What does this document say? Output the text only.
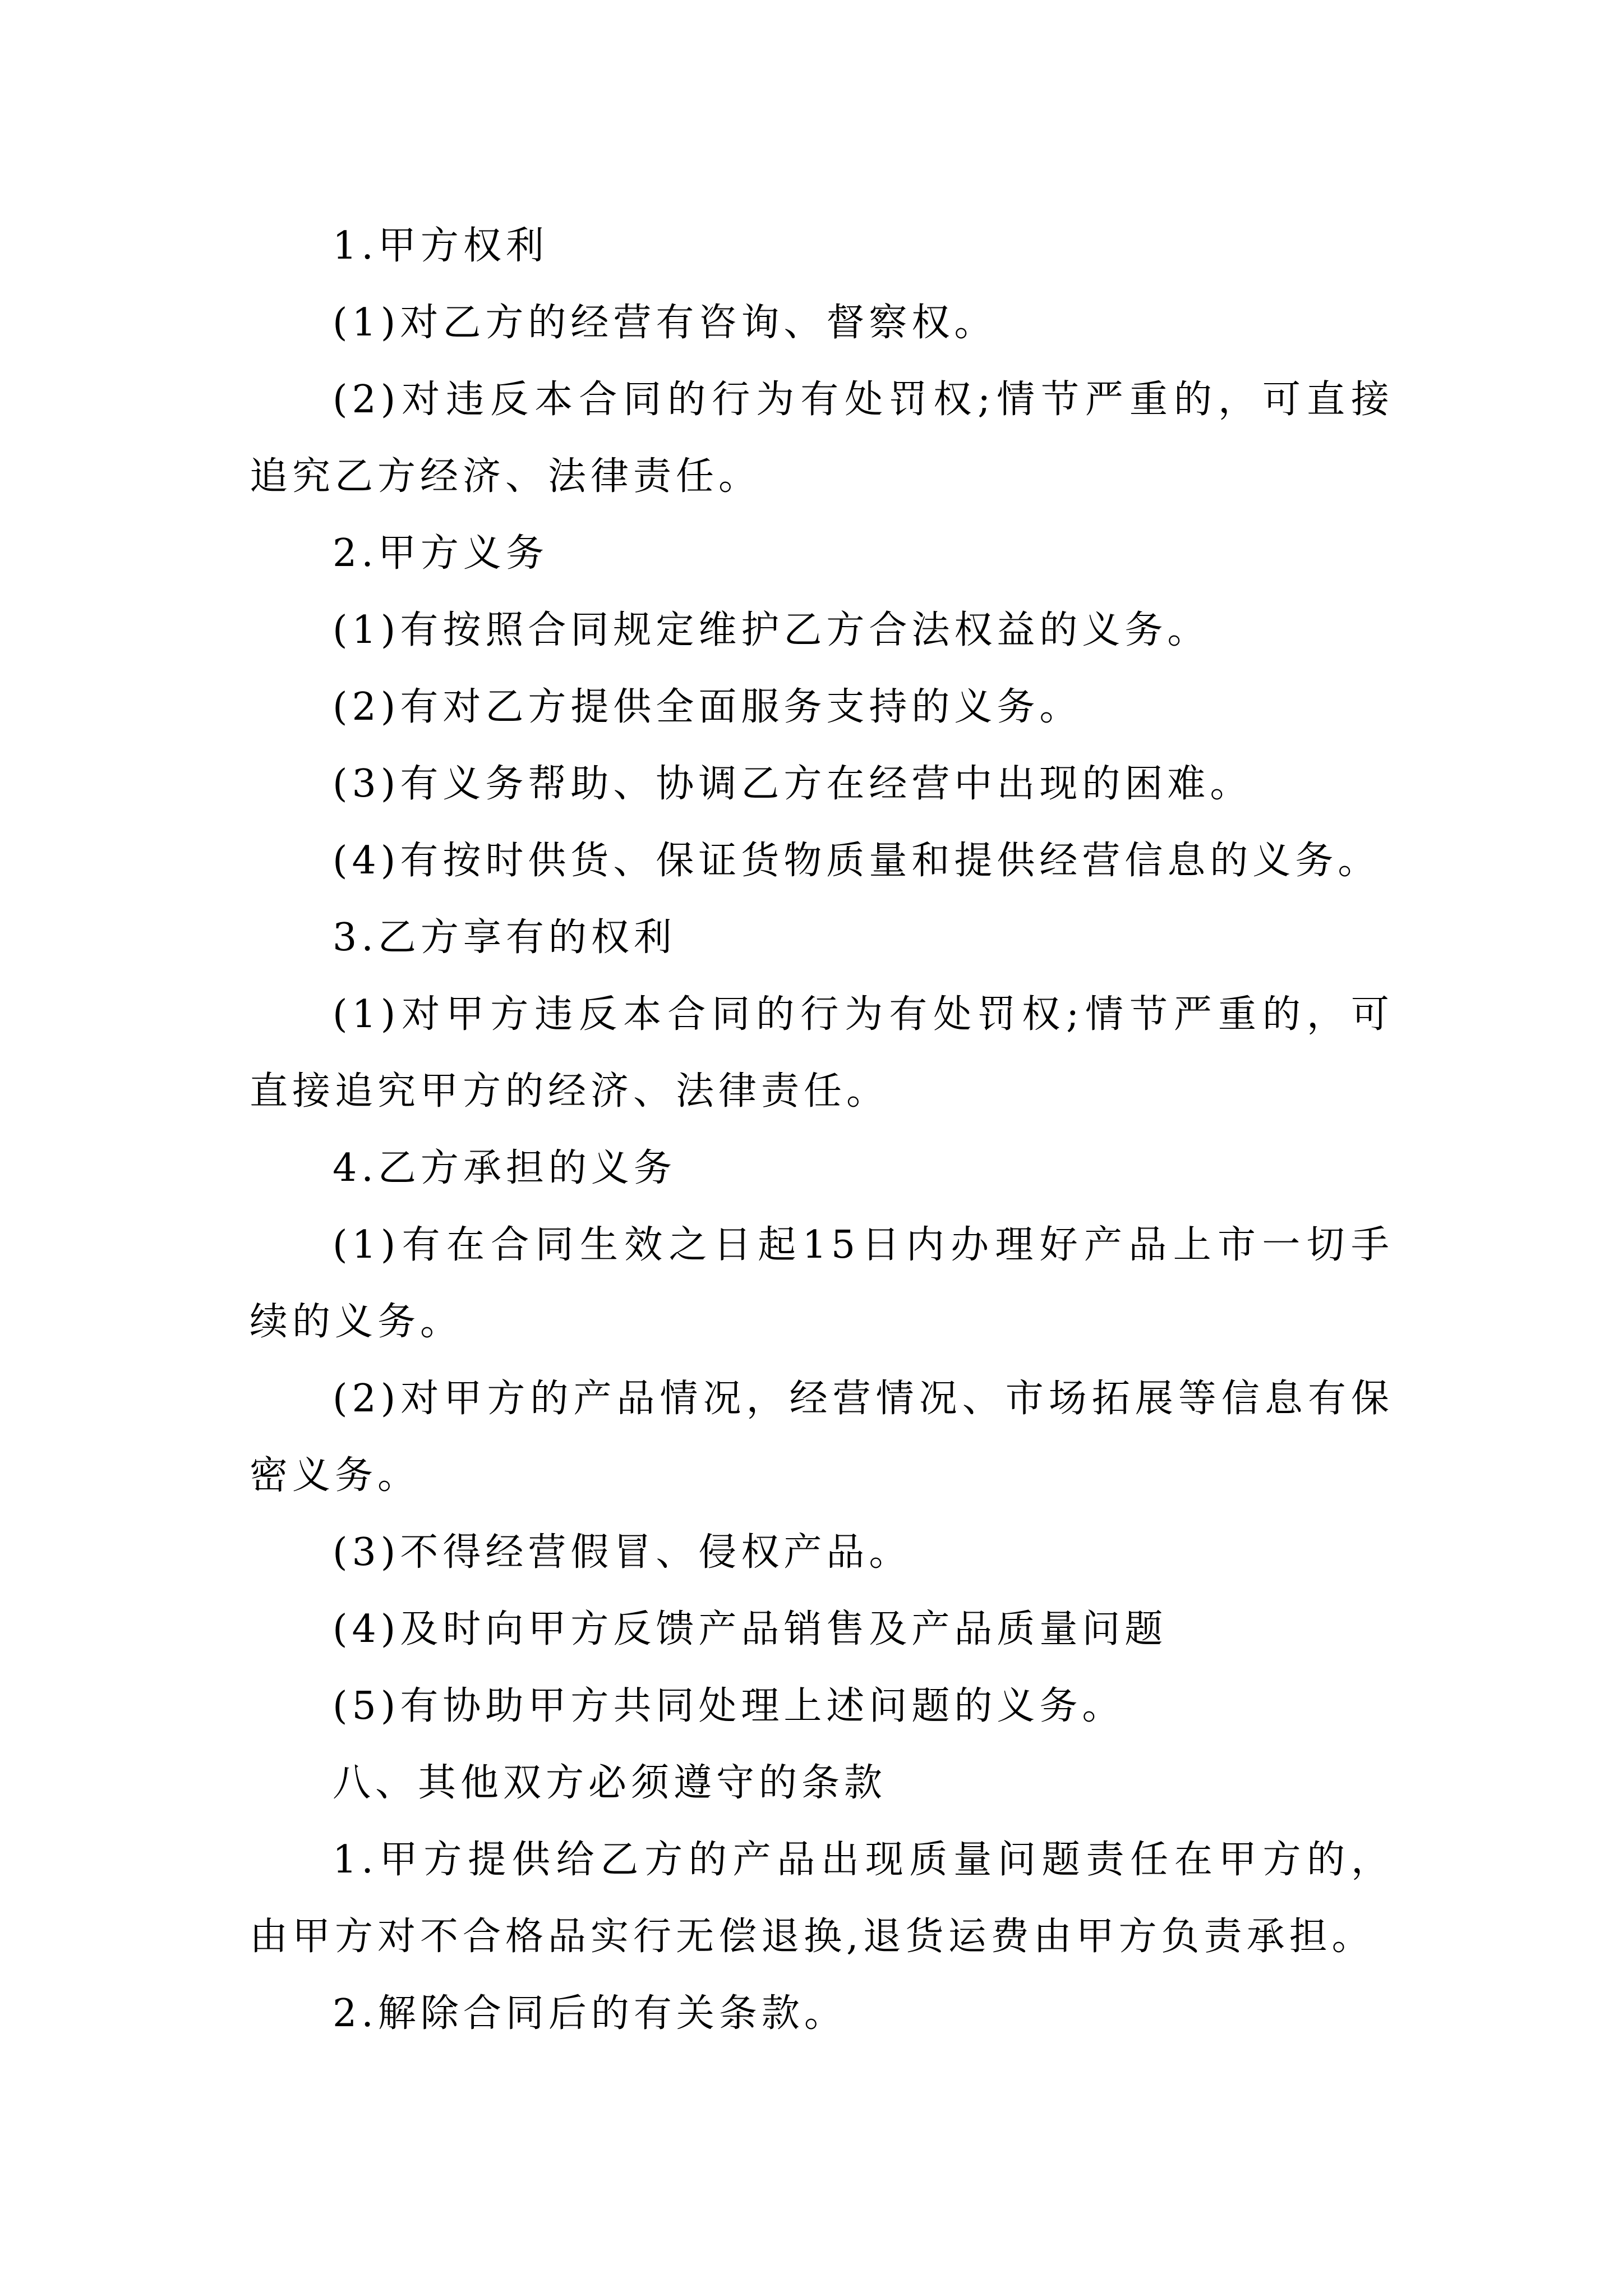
1.甲方权利

(1)对乙方的经营有咨询、督察权。

(2)对违反本合同的行为有处罚权;情节严重的，可直接追究乙方经济、法律责任。

2.甲方义务

(1)有按照合同规定维护乙方合法权益的义务。

(2)有对乙方提供全面服务支持的义务。

(3)有义务帮助、协调乙方在经营中出现的困难。

(4)有按时供货、保证货物质量和提供经营信息的义务。

3.乙方享有的权利

(1)对甲方违反本合同的行为有处罚权;情节严重的，可直接追究甲方的经济、法律责任。

4.乙方承担的义务

(1)有在合同生效之日起15日内办理好产品上市一切手续的义务。

(2)对甲方的产品情况，经营情况、市场拓展等信息有保密义务。

(3)不得经营假冒、侵权产品。

(4)及时向甲方反馈产品销售及产品质量问题

(5)有协助甲方共同处理上述问题的义务。

八、其他双方必须遵守的条款

1.甲方提供给乙方的产品出现质量问题责任在甲方的，由甲方对不合格品实行无偿退换,退货运费由甲方负责承担。

2.解除合同后的有关条款。
